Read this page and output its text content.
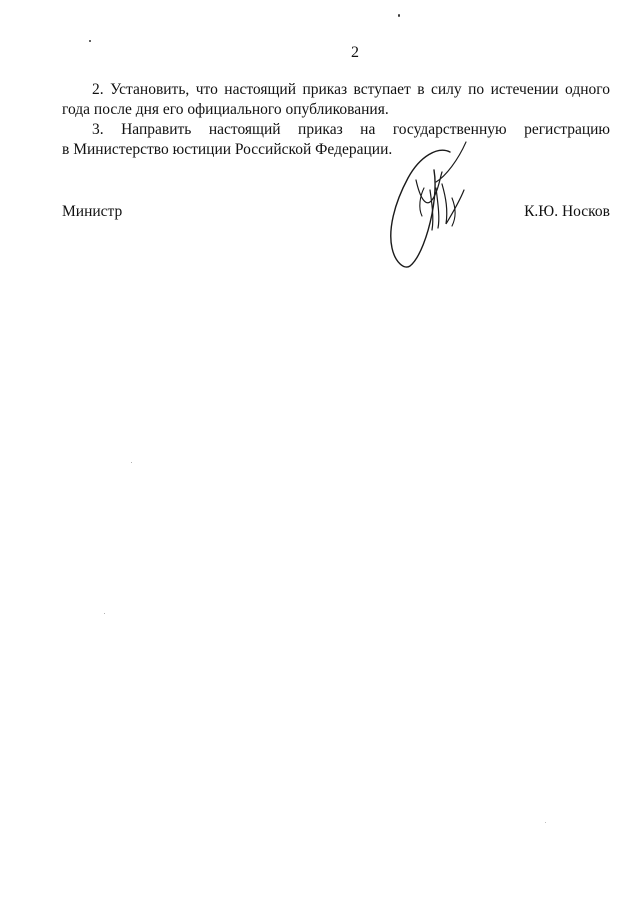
2

2. Установить, что настоящий приказ вступает в силу по истечении одного
года после дня его официального опубликования.

3. Направить настоящий приказ на государственную регистрацию
в Министерство юстиции Российской Федерации.

Министр	К.Ю. Носков
